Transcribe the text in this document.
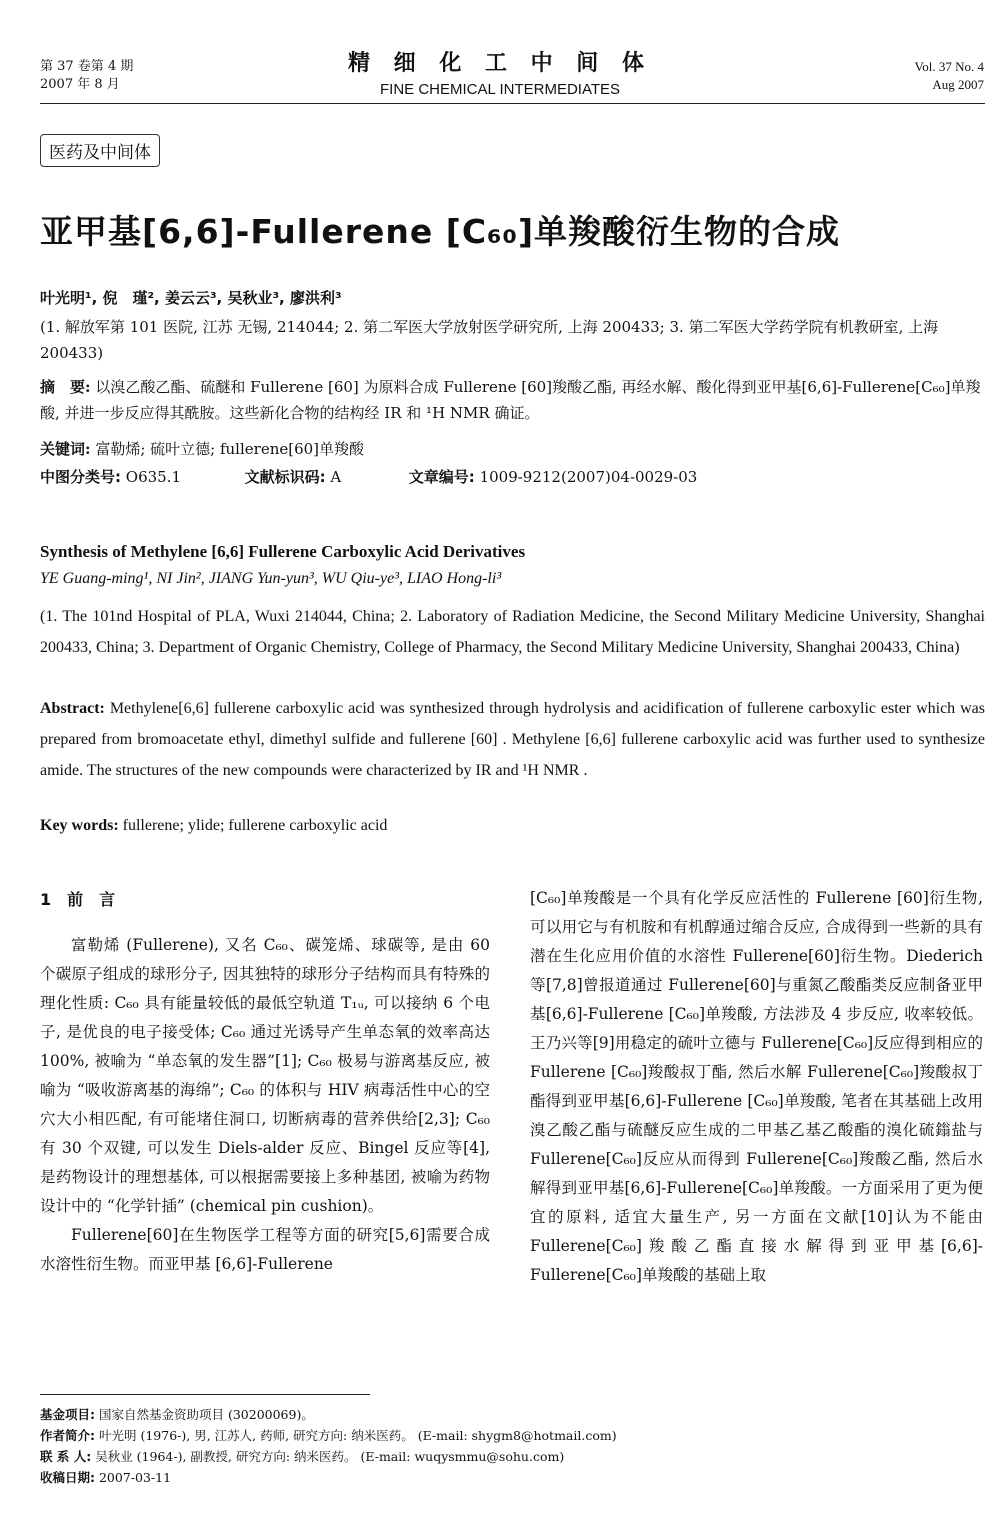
第 37 卷第 4 期
2007 年 8 月
精 细 化 工 中 间 体
FINE CHEMICAL INTERMEDIATES
Vol. 37 No. 4
Aug 2007
医药及中间体
亚甲基[6,6]-Fullerene [C₆₀]单羧酸衍生物的合成
叶光明¹, 倪　瑾², 姜云云³, 吴秋业³, 廖洪利³
(1. 解放军第 101 医院, 江苏 无锡, 214044; 2. 第二军医大学放射医学研究所, 上海 200433; 3. 第二军医大学药学院有机教研室, 上海 200433)
摘　要: 以溴乙酸乙酯、硫醚和 Fullerene [60] 为原料合成 Fullerene [60]羧酸乙酯, 再经水解、酸化得到亚甲基[6,6]-Fullerene[C₆₀]单羧酸, 并进一步反应得其酰胺。这些新化合物的结构经 IR 和 ¹H NMR 确证。
关键词: 富勒烯; 硫叶立德; fullerene[60]单羧酸
中图分类号: O635.1	文献标识码: A	文章编号: 1009-9212(2007)04-0029-03
Synthesis of Methylene [6,6] Fullerene Carboxylic Acid Derivatives
YE Guang-ming¹, NI Jin², JIANG Yun-yun³, WU Qiu-ye³, LIAO Hong-li³
(1. The 101nd Hospital of PLA, Wuxi 214044, China; 2. Laboratory of Radiation Medicine, the Second Military Medicine University, Shanghai 200433, China; 3. Department of Organic Chemistry, College of Pharmacy, the Second Military Medicine University, Shanghai 200433, China)
Abstract: Methylene[6,6] fullerene carboxylic acid was synthesized through hydrolysis and acidification of fullerene carboxylic ester which was prepared from bromoacetate ethyl, dimethyl sulfide and fullerene [60] . Methylene [6,6] fullerene carboxylic acid was further used to synthesize amide. The structures of the new compounds were characterized by IR and ¹H NMR .
Key words: fullerene; ylide; fullerene carboxylic acid
1　前　言

富勒烯 (Fullerene), 又名 C₆₀、碳笼烯、球碳等, 是由 60 个碳原子组成的球形分子, 因其独特的球形分子结构而具有特殊的理化性质: C₆₀ 具有能量较低的最低空轨道 T₁ᵤ, 可以接纳 6 个电子, 是优良的电子接受体; C₆₀ 通过光诱导产生单态氧的效率高达 100%, 被喻为 “单态氧的发生器”[1]; C₆₀ 极易与游离基反应, 被喻为 “吸收游离基的海绵”; C₆₀ 的体积与 HIV 病毒活性中心的空穴大小相匹配, 有可能堵住洞口, 切断病毒的营养供给[2,3]; C₆₀ 有 30 个双键, 可以发生 Diels-alder 反应、Bingel 反应等[4], 是药物设计的理想基体, 可以根据需要接上多种基团, 被喻为药物设计中的 “化学针插” (chemical pin cushion)。

Fullerene[60]在生物医学工程等方面的研究[5,6]需要合成水溶性衍生物。而亚甲基 [6,6]-Fullerene

[C₆₀]单羧酸是一个具有化学反应活性的 Fullerene [60]衍生物, 可以用它与有机胺和有机醇通过缩合反应, 合成得到一些新的具有潜在生化应用价值的水溶性 Fullerene[60]衍生物。Diederich 等[7,8]曾报道通过 Fullerene[60]与重氮乙酸酯类反应制备亚甲基[6,6]-Fullerene [C₆₀]单羧酸, 方法涉及 4 步反应, 收率较低。王乃兴等[9]用稳定的硫叶立德与 Fullerene[C₆₀]反应得到相应的 Fullerene [C₆₀]羧酸叔丁酯, 然后水解 Fullerene[C₆₀]羧酸叔丁酯得到亚甲基[6,6]-Fullerene [C₆₀]单羧酸, 笔者在其基础上改用溴乙酸乙酯与硫醚反应生成的二甲基乙基乙酸酯的溴化硫鎓盐与 Fullerene[C₆₀]反应从而得到 Fullerene[C₆₀]羧酸乙酯, 然后水解得到亚甲基[6,6]-Fullerene[C₆₀]单羧酸。一方面采用了更为便宜的原料, 适宜大量生产, 另一方面在文献[10]认为不能由Fullerene[C₆₀]羧酸乙酯直接水解得到亚甲基[6,6]-Fullerene[C₆₀]单羧酸的基础上取

基金项目: 国家自然基金资助项目 (30200069)。
作者简介: 叶光明 (1976-), 男, 江苏人, 药师, 研究方向: 纳米医药。 (E-mail: shygm8@hotmail.com)
联 系 人: 吴秋业 (1964-), 副教授, 研究方向: 纳米医药。 (E-mail: wuqysmmu@sohu.com)
收稿日期: 2007-03-11
